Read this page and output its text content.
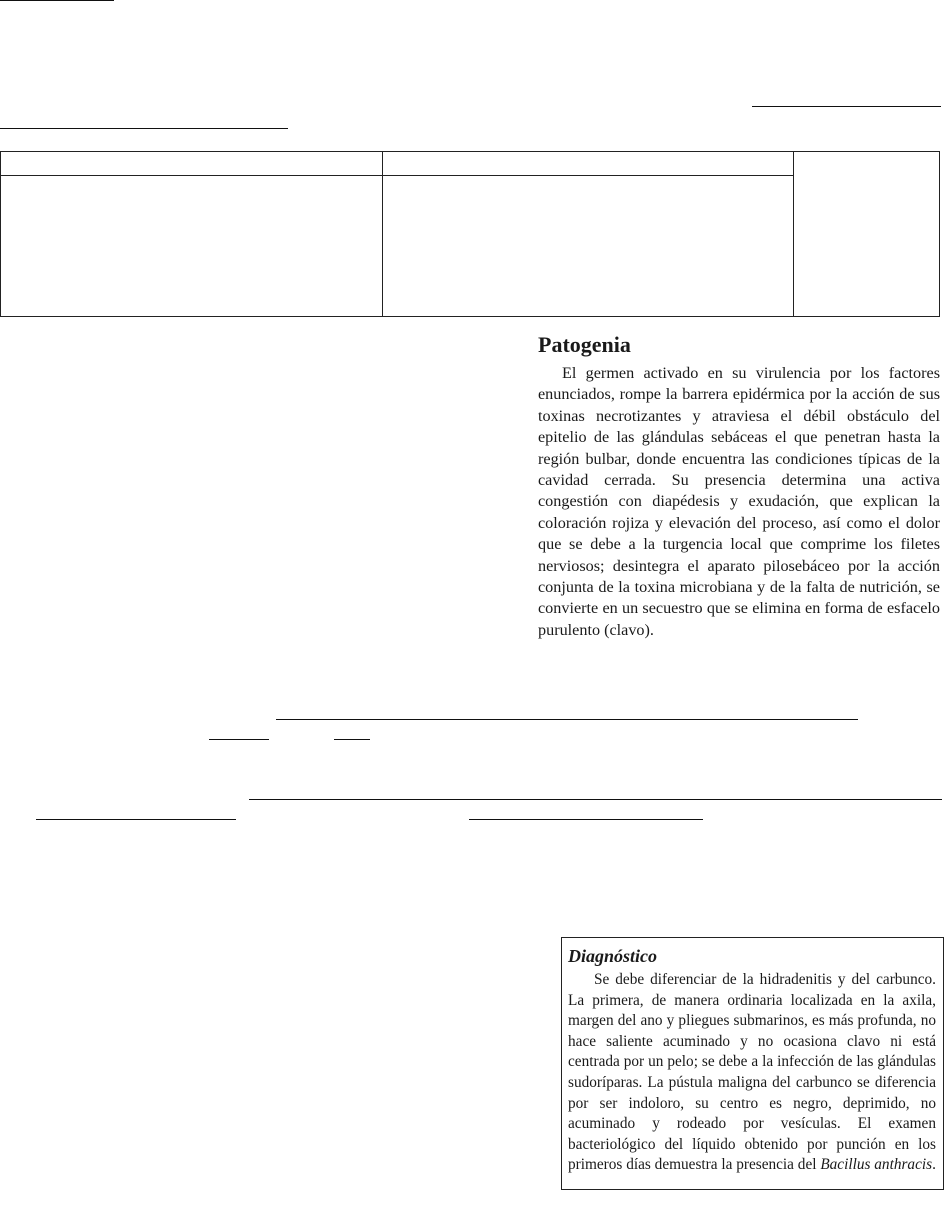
Patogenia

El germen activado en su virulencia por los factores enunciados, rompe la barrera epidérmica por la acción de sus toxinas necrotizantes y atraviesa el débil obstáculo del epitelio de las glándulas sebáceas el que penetran hasta la región bulbar, donde encuentra las condiciones típicas de la cavidad cerrada. Su presencia determina una activa congestión con diapédesis y exudación, que explican la coloración rojiza y elevación del proceso, así como el dolor que se debe a la turgencia local que comprime los filetes nerviosos; desintegra el aparato pilosebáceo por la acción conjunta de la toxina microbiana y de la falta de nutrición, se convierte en un secuestro que se elimina en forma de esfacelo purulento (clavo).

Diagnóstico

Se debe diferenciar de la hidradenitis y del carbunco. La primera, de manera ordinaria localizada en la axila, margen del ano y pliegues submarinos, es más profunda, no hace saliente acuminado y no ocasiona clavo ni está centrada por un pelo; se debe a la infección de las glándulas sudoríparas. La pústula maligna del carbunco se diferencia por ser indoloro, su centro es negro, deprimido, no acuminado y rodeado por vesículas. El examen bacteriológico del líquido obtenido por punción en los primeros días demuestra la presencia del Bacillus anthracis.
